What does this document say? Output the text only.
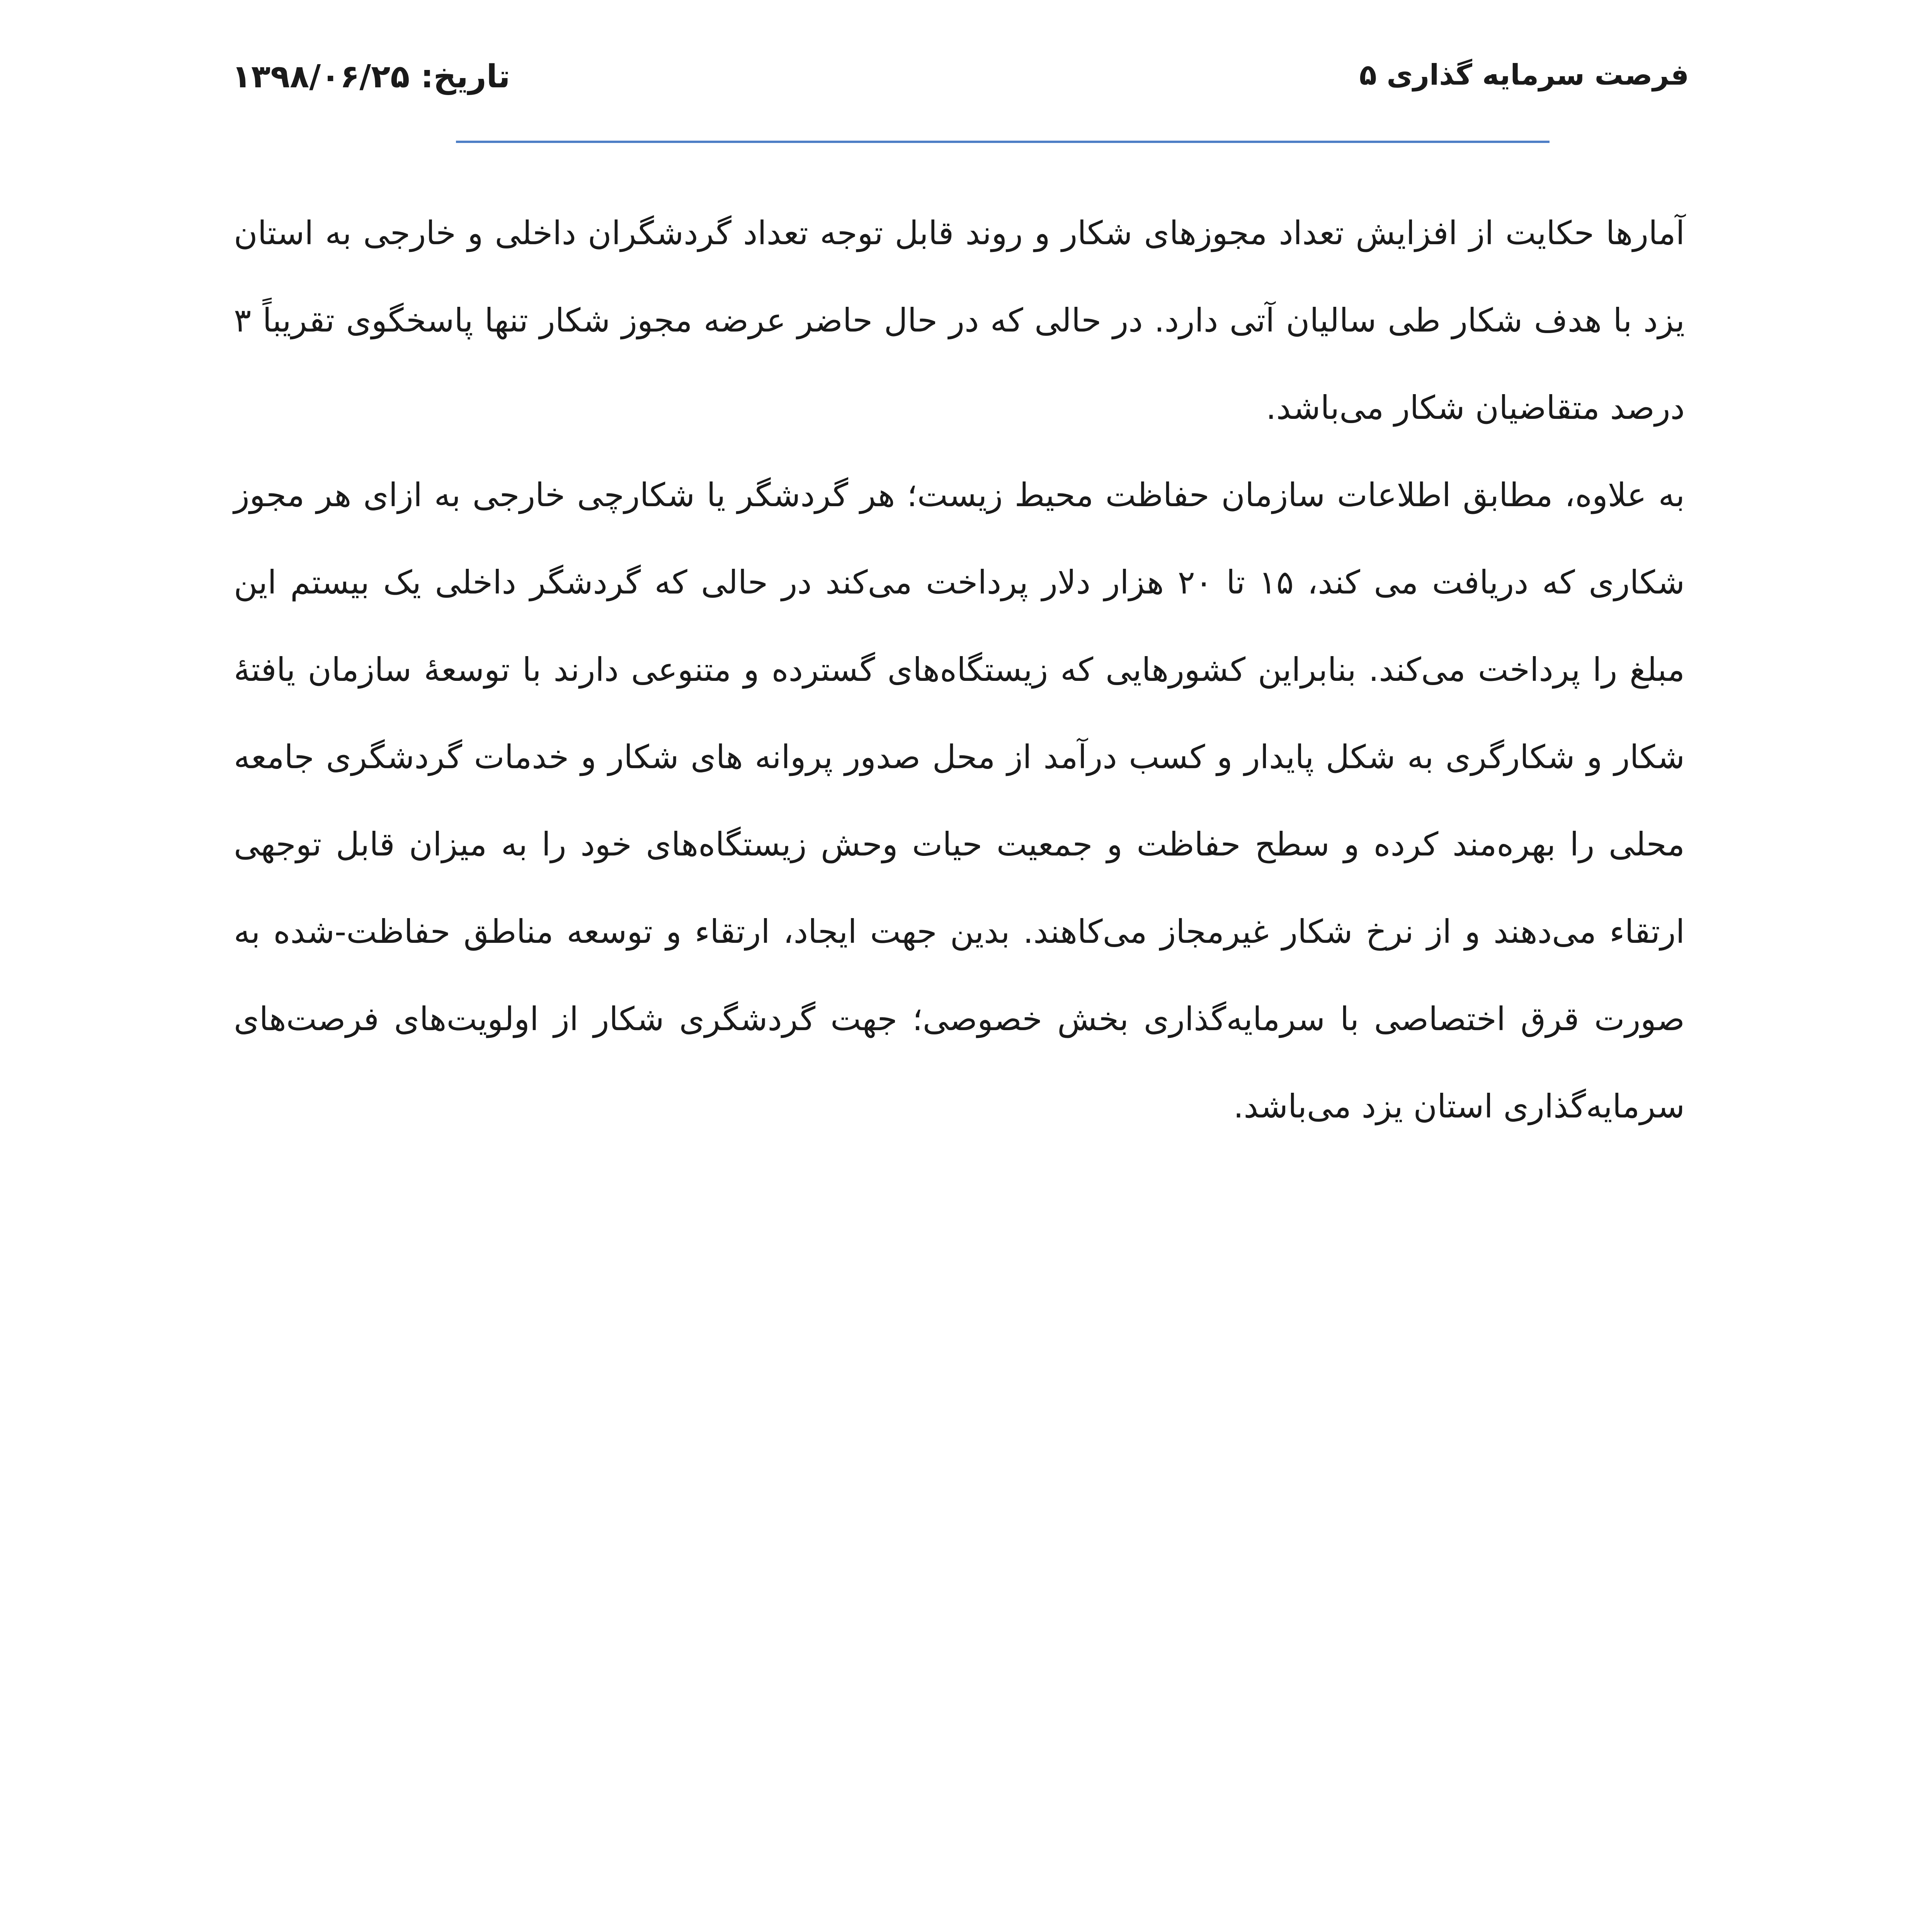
فرصت سرمایه گذاری ۵
تاریخ: ۱۳۹۸/۰۶/۲۵

آمارها حکایت از افزایش تعداد مجوزهای شکار و روند قابل توجه تعداد گردشگران داخلی و خارجی به استان یزد با هدف شکار طی سالیان آتی دارد. در حالی که در حال حاضر عرضه مجوز شکار تنها پاسخگوی تقریباً ۳ درصد متقاضیان شکار می‌باشد.

به علاوه، مطابق اطلاعات سازمان حفاظت محیط زیست؛ هر گردشگر یا شکارچی خارجی به ازای هر مجوز شکاری که دریافت می کند، ۱۵ تا ۲۰ هزار دلار پرداخت می‌کند در حالی که گردشگر داخلی یک بیستم این مبلغ را پرداخت می‌کند. بنابراین کشورهایی که زیستگاه‌های گسترده و متنوعی دارند با توسعۀ سازمان یافتۀ شکار و شکارگری به شکل پایدار و کسب درآمد از محل صدور پروانه های شکار و خدمات گردشگری جامعه محلی را بهره‌مند کرده و سطح حفاظت و جمعیت حیات وحش زیستگاه‌های خود را به میزان قابل توجهی ارتقاء می‌دهند و از نرخ شکار غیرمجاز می‌کاهند. بدین جهت ایجاد، ارتقاء و توسعه مناطق حفاظت-شده به صورت قرق اختصاصی با سرمایه‌گذاری بخش خصوصی؛ جهت گردشگری شکار از اولویت‌های فرصت‌های سرمایه‌گذاری استان یزد می‌باشد.
